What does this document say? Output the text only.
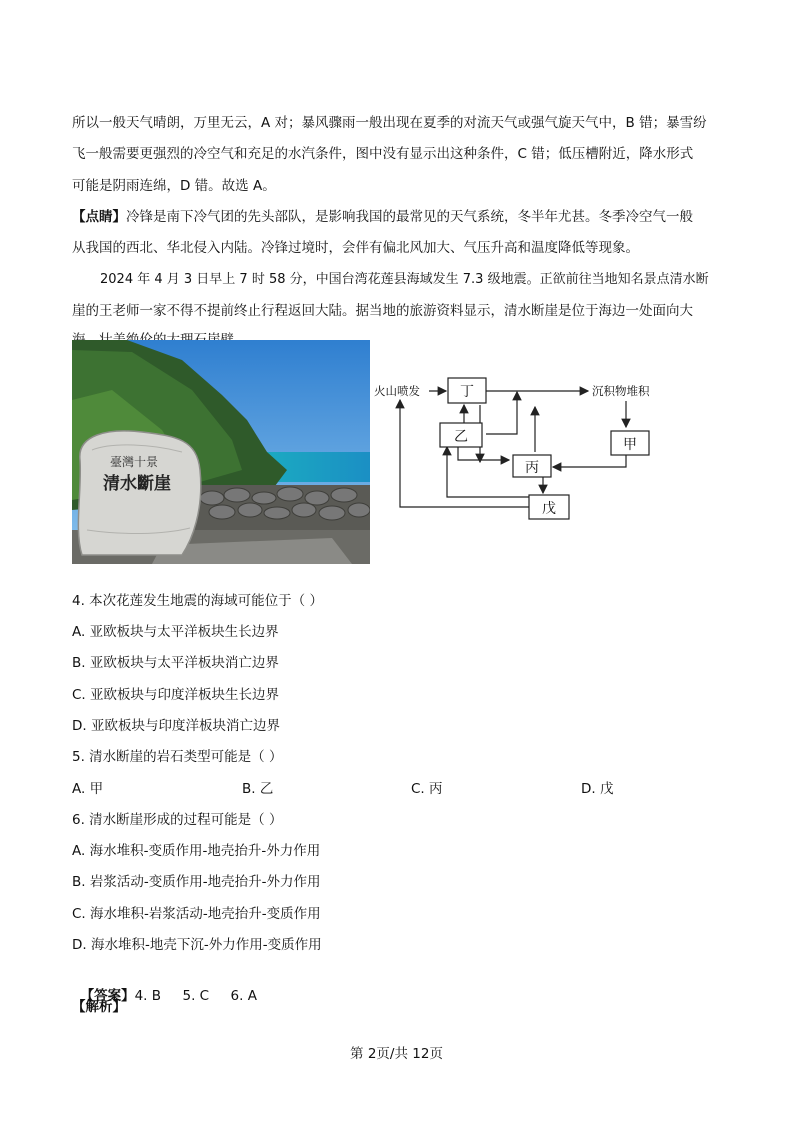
所以一般天气晴朗，万里无云，A 对；暴风骤雨一般出现在夏季的对流天气或强气旋天气中，B 错；暴雪纷
飞一般需要更强烈的冷空气和充足的水汽条件，图中没有显示出这种条件，C 错；低压槽附近，降水形式
可能是阴雨连绵，D 错。故选 A。
【点睛】冷锋是南下冷气团的先头部队，是影响我国的最常见的天气系统，冬半年尤甚。冬季冷空气一般
从我国的西北、华北侵入内陆。冷锋过境时，会伴有偏北风加大、气压升高和温度降低等现象。
2024 年 4 月 3 日早上 7 时 58 分，中国台湾花莲县海域发生 7.3 级地震。正欲前往当地知名景点清水断
崖的王老师一家不得不提前终止行程返回大陆。据当地的旅游资料显示，清水断崖是位于海边一处面向大
臺灣十景
清水斷崖
丁
乙	甲
丙
戊
火山喷发	沉积物堆积
4. 本次花莲发生地震的海域可能位于（ ）
A. 亚欧板块与太平洋板块生长边界
B. 亚欧板块与太平洋板块消亡边界
C. 亚欧板块与印度洋板块生长边界
D. 亚欧板块与印度洋板块消亡边界
5. 清水断崖的岩石类型可能是（ ）
A. 甲	B. 乙	C. 丙	D. 戊
6. 清水断崖形成的过程可能是（ ）
A. 海水堆积-变质作用-地壳抬升-外力作用
B. 岩浆活动-变质作用-地壳抬升-外力作用
C. 海水堆积-岩浆活动-地壳抬升-变质作用
D. 海水堆积-地壳下沉-外力作用-变质作用

【答案】4. B     5. C     6. A

【解析】
第 2页/共 12页
